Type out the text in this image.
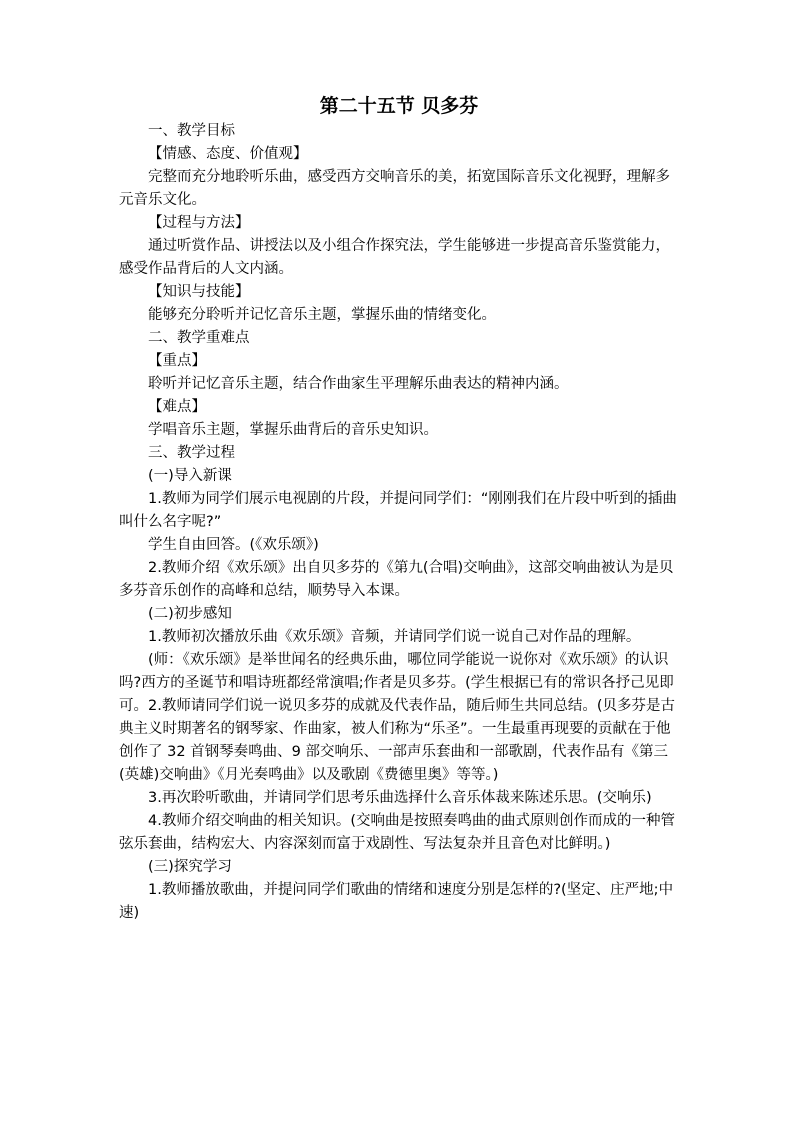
第二十五节 贝多芬

一、教学目标

【情感、态度、价值观】

完整而充分地聆听乐曲，感受西方交响音乐的美，拓宽国际音乐文化视野，理解多元音乐文化。

【过程与方法】

通过听赏作品、讲授法以及小组合作探究法，学生能够进一步提高音乐鉴赏能力，感受作品背后的人文内涵。

【知识与技能】

能够充分聆听并记忆音乐主题，掌握乐曲的情绪变化。

二、教学重难点

【重点】

聆听并记忆音乐主题，结合作曲家生平理解乐曲表达的精神内涵。

【难点】

学唱音乐主题，掌握乐曲背后的音乐史知识。

三、教学过程

(一)导入新课

1.教师为同学们展示电视剧的片段，并提问同学们：“刚刚我们在片段中听到的插曲叫什么名字呢?”

学生自由回答。(《欢乐颂》)

2.教师介绍《欢乐颂》出自贝多芬的《第九(合唱)交响曲》，这部交响曲被认为是贝多芬音乐创作的高峰和总结，顺势导入本课。

(二)初步感知

1.教师初次播放乐曲《欢乐颂》音频，并请同学们说一说自己对作品的理解。

(师：《欢乐颂》是举世闻名的经典乐曲，哪位同学能说一说你对《欢乐颂》的认识吗?西方的圣诞节和唱诗班都经常演唱;作者是贝多芬。(学生根据已有的常识各抒己见即可。2.教师请同学们说一说贝多芬的成就及代表作品，随后师生共同总结。(贝多芬是古典主义时期著名的钢琴家、作曲家，被人们称为“乐圣”。一生最重再现要的贡献在于他创作了 32 首钢琴奏鸣曲、9 部交响乐、一部声乐套曲和一部歌剧，代表作品有《第三(英雄)交响曲》《月光奏鸣曲》以及歌剧《费德里奥》等等。)

3.再次聆听歌曲，并请同学们思考乐曲选择什么音乐体裁来陈述乐思。(交响乐)

4.教师介绍交响曲的相关知识。(交响曲是按照奏鸣曲的曲式原则创作而成的一种管弦乐套曲，结构宏大、内容深刻而富于戏剧性、写法复杂并且音色对比鲜明。)

(三)探究学习

1.教师播放歌曲，并提问同学们歌曲的情绪和速度分别是怎样的?(坚定、庄严地;中速)
